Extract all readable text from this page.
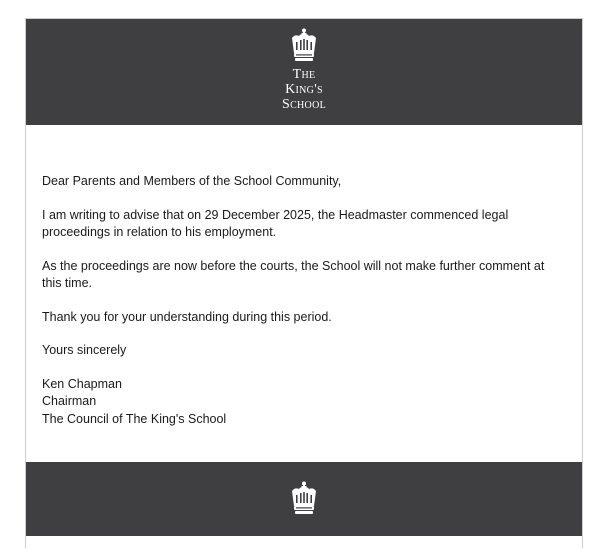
The
King's
School

Dear Parents and Members of the School Community,

I am writing to advise that on 29 December 2025, the Headmaster commenced legal proceedings in relation to his employment.

As the proceedings are now before the courts, the School will not make further comment at this time.

Thank you for your understanding during this period.

Yours sincerely

Ken Chapman

Chairman

The Council of The King's School
